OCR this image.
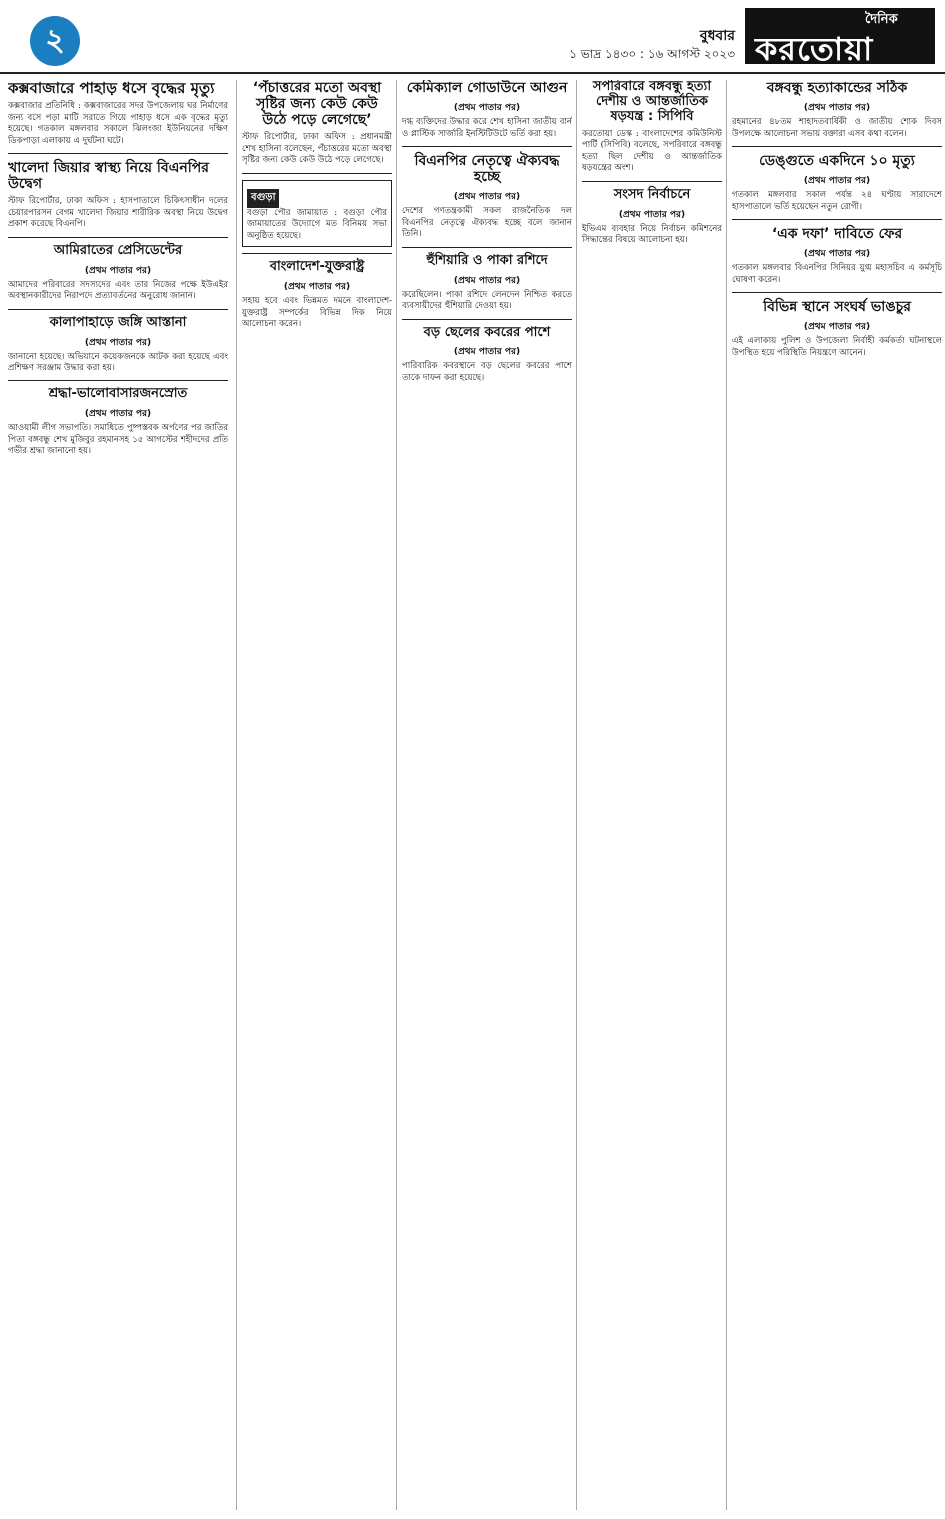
২	বুধবার
১ ভাদ্র ১৪৩০ : ১৬ আগস্ট ২০২৩
দৈনিক
করতোয়া
কক্সবাজারে পাহাড় ধসে বৃদ্ধের মৃত্যু

কক্সবাজার প্রতিনিধি : কক্সবাজারের সদর উপজেলায় ঘর নির্মাণের জন্য বসে পড়া মাটি সরাতে গিয়ে পাহাড় ধসে এক বৃদ্ধের মৃত্যু হয়েছে। গতকাল মঙ্গলবার সকালে ঝিলংজা ইউনিয়নের দক্ষিণ ডিকপাড়া এলাকায় এ দুর্ঘটনা ঘটে।

খালেদা জিয়ার স্বাস্থ্য নিয়ে বিএনপির উদ্বেগ

স্টাফ রিপোর্টার, ঢাকা অফিস : হাসপাতালে চিকিৎসাধীন দলের চেয়ারপারসন বেগম খালেদা জিয়ার শারীরিক অবস্থা নিয়ে উদ্বেগ প্রকাশ করেছে বিএনপি।

আমিরাতের প্রেসিডেন্টের
(প্রথম পাতার পর)

আমাদের পরিবারের সদস্যদের এবং তার নিজের পক্ষে ইউএইর অবস্থানকারীদের নিরাপদে প্রত্যাবর্তনের অনুরোধ জানান।

কালাপাহাড়ে জঙ্গি আস্তানা
(প্রথম পাতার পর)

জানানো হয়েছে। অভিযানে কয়েকজনকে আটক করা হয়েছে এবং প্রশিক্ষণ সরঞ্জাম উদ্ধার করা হয়।

শ্রদ্ধা-ভালোবাসারজনস্রোত
(প্রথম পাতার পর)

আওয়ামী লীগ সভাপতি। সমাধিতে পুষ্পস্তবক অর্পণের পর জাতির পিতা বঙ্গবন্ধু শেখ মুজিবুর রহমানসহ ১৫ আগস্টের শহীদদের প্রতি গভীর শ্রদ্ধা জানানো হয়।

‘পঁচাত্তরের মতো অবস্থা সৃষ্টির জন্য কেউ কেউ উঠে পড়ে লেগেছে’

স্টাফ রিপোর্টার, ঢাকা অফিস : প্রধানমন্ত্রী শেখ হাসিনা বলেছেন, পঁচাত্তরের মতো অবস্থা সৃষ্টির জন্য কেউ কেউ উঠে পড়ে লেগেছে।

বগুড়া

বগুড়া পৌর জামায়াত : বগুড়া পৌর জামায়াতের উদ্যোগে মত বিনিময় সভা অনুষ্ঠিত হয়েছে।

বাংলাদেশ-যুক্তরাষ্ট্র
(প্রথম পাতার পর)

সহায় হবে এবং ভিন্নমত দমনে বাংলাদেশ-যুক্তরাষ্ট্র সম্পর্কের বিভিন্ন দিক নিয়ে আলোচনা করেন।

কেমিক্যাল গোডাউনে আগুন
(প্রথম পাতার পর)

দগ্ধ ব্যক্তিদের উদ্ধার করে শেখ হাসিনা জাতীয় বার্ন ও প্লাস্টিক সার্জারি ইনস্টিটিউটে ভর্তি করা হয়।

বিএনপির নেতৃত্বে ঐক্যবদ্ধ হচ্ছে
(প্রথম পাতার পর)

দেশের গণতন্ত্রকামী সকল রাজনৈতিক দল বিএনপির নেতৃত্বে ঐক্যবদ্ধ হচ্ছে বলে জানান তিনি।

হুঁশিয়ারি ও পাকা রশিদে
(প্রথম পাতার পর)

করেছিলেন। পাকা রশিদে লেনদেন নিশ্চিত করতে ব্যবসায়ীদের হুঁশিয়ারি দেওয়া হয়।

বড় ছেলের কবরের পাশে
(প্রথম পাতার পর)

পারিবারিক কবরস্থানে বড় ছেলের কবরের পাশে তাকে দাফন করা হয়েছে।

সপরিবারে বঙ্গবন্ধু হত্যা দেশীয় ও আন্তর্জাতিক ষড়যন্ত্র : সিপিবি

করতোয়া ডেস্ক : বাংলাদেশের কমিউনিস্ট পার্টি (সিপিবি) বলেছে, সপরিবারে বঙ্গবন্ধু হত্যা ছিল দেশীয় ও আন্তর্জাতিক ষড়যন্ত্রের অংশ।

সংসদ নির্বাচনে
(প্রথম পাতার পর)

ইভিএম ব্যবহার নিয়ে নির্বাচন কমিশনের সিদ্ধান্তের বিষয়ে আলোচনা হয়।

বঙ্গবন্ধু হত্যাকান্ডের সঠিক
(প্রথম পাতার পর)

রহমানের ৪৮তম শাহাদতবার্ষিকী ও জাতীয় শোক দিবস উপলক্ষে আলোচনা সভায় বক্তারা এসব কথা বলেন।

ডেঙ্গুতে একদিনে ১০ মৃত্যু
(প্রথম পাতার পর)

গতকাল মঙ্গলবার সকাল পর্যন্ত ২৪ ঘণ্টায় সারাদেশে হাসপাতালে ভর্তি হয়েছেন নতুন রোগী।

‘এক দফা’ দাবিতে ফের
(প্রথম পাতার পর)

গতকাল মঙ্গলবার বিএনপির সিনিয়র যুগ্ম মহাসচিব এ কর্মসূচি ঘোষণা করেন।

বিভিন্ন স্থানে সংঘর্ষ ভাঙচুর
(প্রথম পাতার পর)

এই এলাকায় পুলিশ ও উপজেলা নির্বাহী কর্মকর্তা ঘটনাস্থলে উপস্থিত হয়ে পরিস্থিতি নিয়ন্ত্রণে আনেন।
